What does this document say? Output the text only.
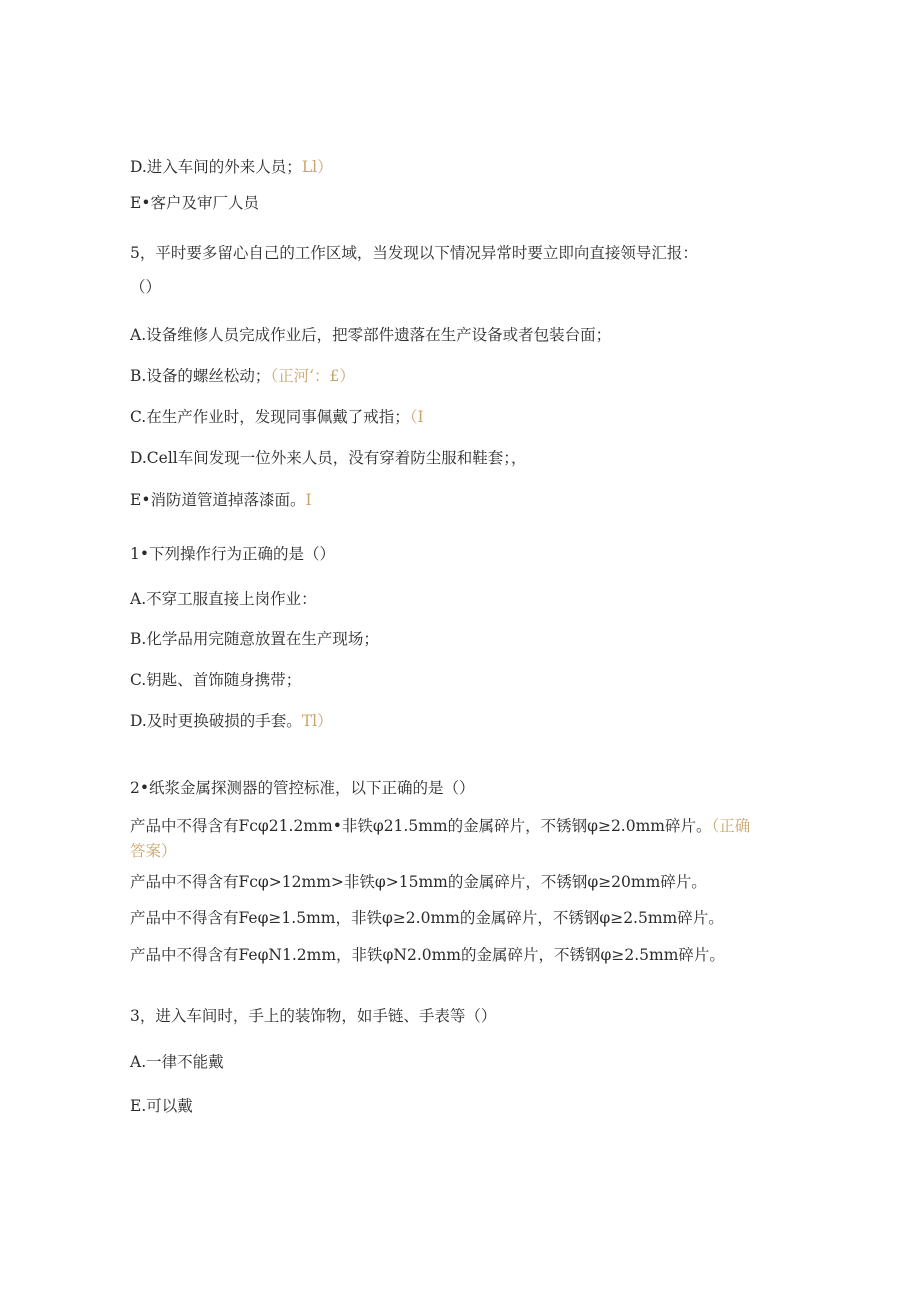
D.进入车间的外来人员；Ll）
E•客户及审厂人员
5，平时要多留心自己的工作区域，当发现以下情况异常时要立即向直接领导汇报：
（）
A.设备维修人员完成作业后，把零部件遗落在生产设备或者包装台面；
B.设备的螺丝松动；（正河‘：£）
C.在生产作业时，发现同事佩戴了戒指；（I
D.Cell车间发现一位外来人员，没有穿着防尘服和鞋套；，
E•消防道管道掉落漆面。I
1•下列操作行为正确的是（）
A.不穿工服直接上岗作业：
B.化学品用完随意放置在生产现场；
C.钥匙、首饰随身携带；
D.及时更换破损的手套。Tl）
2•纸浆金属探测器的管控标准，以下正确的是（）
产品中不得含有Fcφ21.2mm•非铁φ21.5mm的金属碎片，不锈钢φ≥2.0mm碎片。（正确
答案）
产品中不得含有Fcφ>12mm>非铁φ>15mm的金属碎片，不锈钢φ≥20mm碎片。
产品中不得含有Feφ≥1.5mm，非铁φ≥2.0mm的金属碎片，不锈钢φ≥2.5mm碎片。
产品中不得含有FeφN1.2mm，非铁φN2.0mm的金属碎片，不锈钢φ≥2.5mm碎片。
3，进入车间时，手上的装饰物，如手链、手表等（）
A.一律不能戴
E.可以戴
